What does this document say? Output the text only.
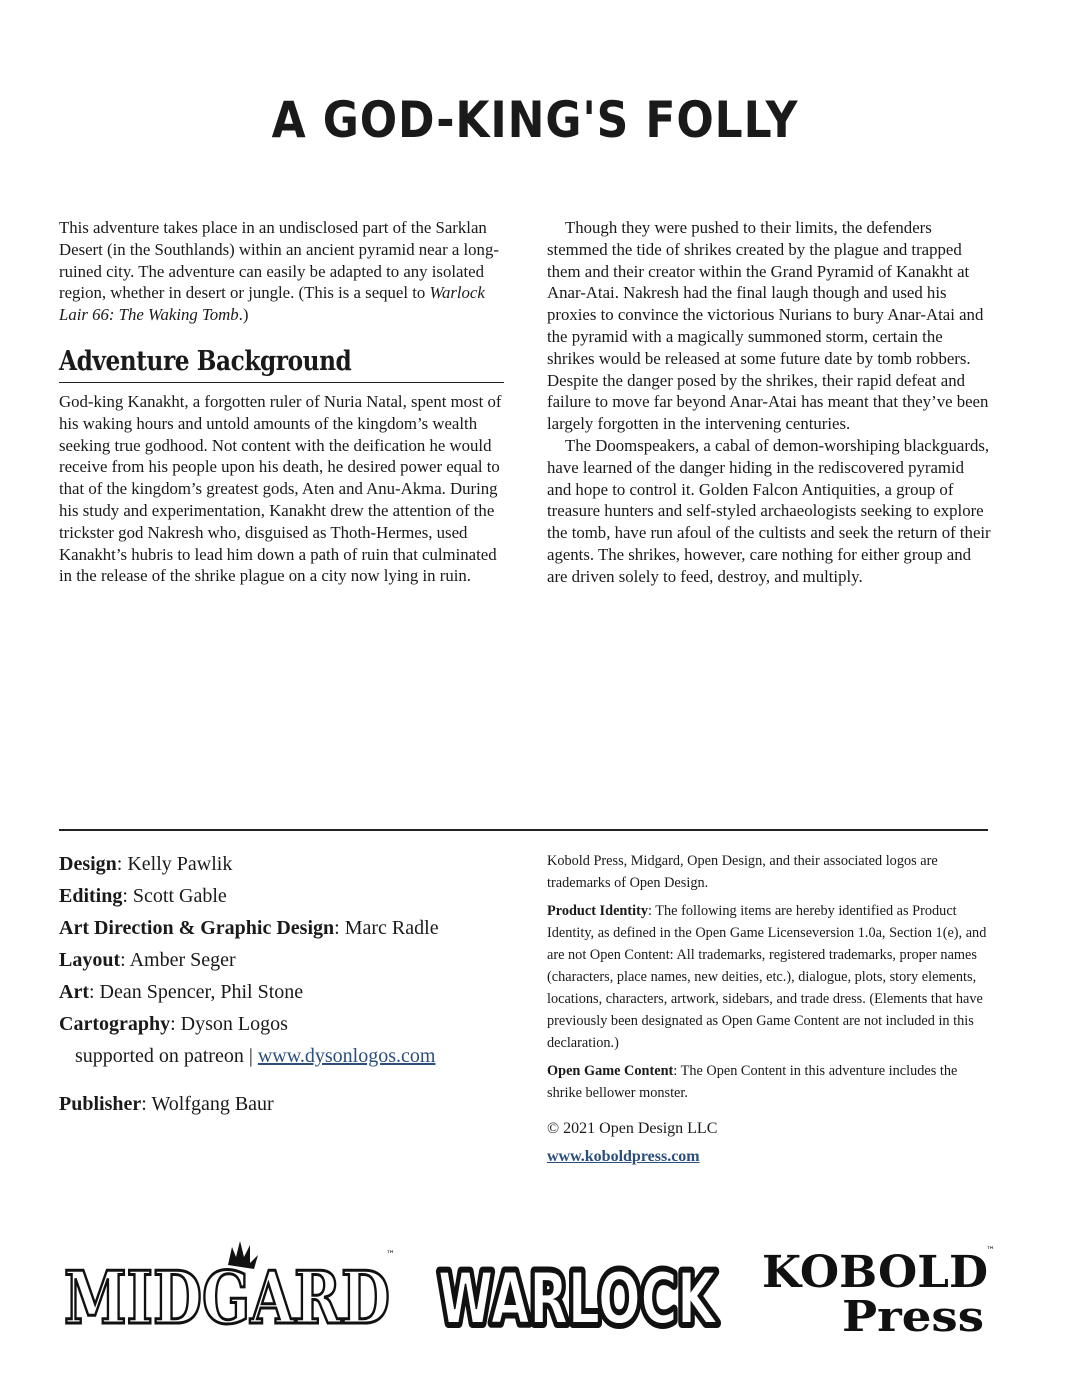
A GOD-KING'S FOLLY

This adventure takes place in an undisclosed part of the Sarklan Desert (in the Southlands) within an ancient pyramid near a long-ruined city. The adventure can easily be adapted to any isolated region, whether in desert or jungle. (This is a sequel to Warlock Lair 66: The Waking Tomb.)

Adventure Background

God-king Kanakht, a forgotten ruler of Nuria Natal, spent most of his waking hours and untold amounts of the kingdom’s wealth seeking true godhood. Not content with the deification he would receive from his people upon his death, he desired power equal to that of the kingdom’s greatest gods, Aten and Anu-Akma. During his study and experimentation, Kanakht drew the attention of the trickster god Nakresh who, disguised as Thoth-Hermes, used Kanakht’s hubris to lead him down a path of ruin that culminated in the release of the shrike plague on a city now lying in ruin.

Though they were pushed to their limits, the defenders stemmed the tide of shrikes created by the plague and trapped them and their creator within the Grand Pyramid of Kanakht at Anar-Atai. Nakresh had the final laugh though and used his proxies to convince the victorious Nurians to bury Anar-Atai and the pyramid with a magically summoned storm, certain the shrikes would be released at some future date by tomb robbers. Despite the danger posed by the shrikes, their rapid defeat and failure to move far beyond Anar-Atai has meant that they’ve been largely forgotten in the intervening centuries.

The Doomspeakers, a cabal of demon-worshiping blackguards, have learned of the danger hiding in the rediscovered pyramid and hope to control it. Golden Falcon Antiquities, a group of treasure hunters and self-styled archaeologists seeking to explore the tomb, have run afoul of the cultists and seek the return of their agents. The shrikes, however, care nothing for either group and are driven solely to feed, destroy, and multiply.

Design: Kelly Pawlik
Editing: Scott Gable
Art Direction & Graphic Design: Marc Radle
Layout: Amber Seger
Art: Dean Spencer, Phil Stone
Cartography: Dyson Logos
supported on patreon | www.dysonlogos.com
Publisher: Wolfgang Baur

Kobold Press, Midgard, Open Design, and their associated logos are trademarks of Open Design.

Product Identity: The following items are hereby identified as Product Identity, as defined in the Open Game Licenseversion 1.0a, Section 1(e), and are not Open Content: All trademarks, registered trademarks, proper names (characters, place names, new deities, etc.), dialogue, plots, story elements, locations, characters, artwork, sidebars, and trade dress. (Elements that have previously been designated as Open Game Content are not included in this declaration.)

Open Game Content: The Open Content in this adventure includes the shrike bellower monster.

© 2021 Open Design LLC

www.koboldpress.com
MIDGARD
™
WARLOCK
WARLOCK KOBOLD
Press
™
